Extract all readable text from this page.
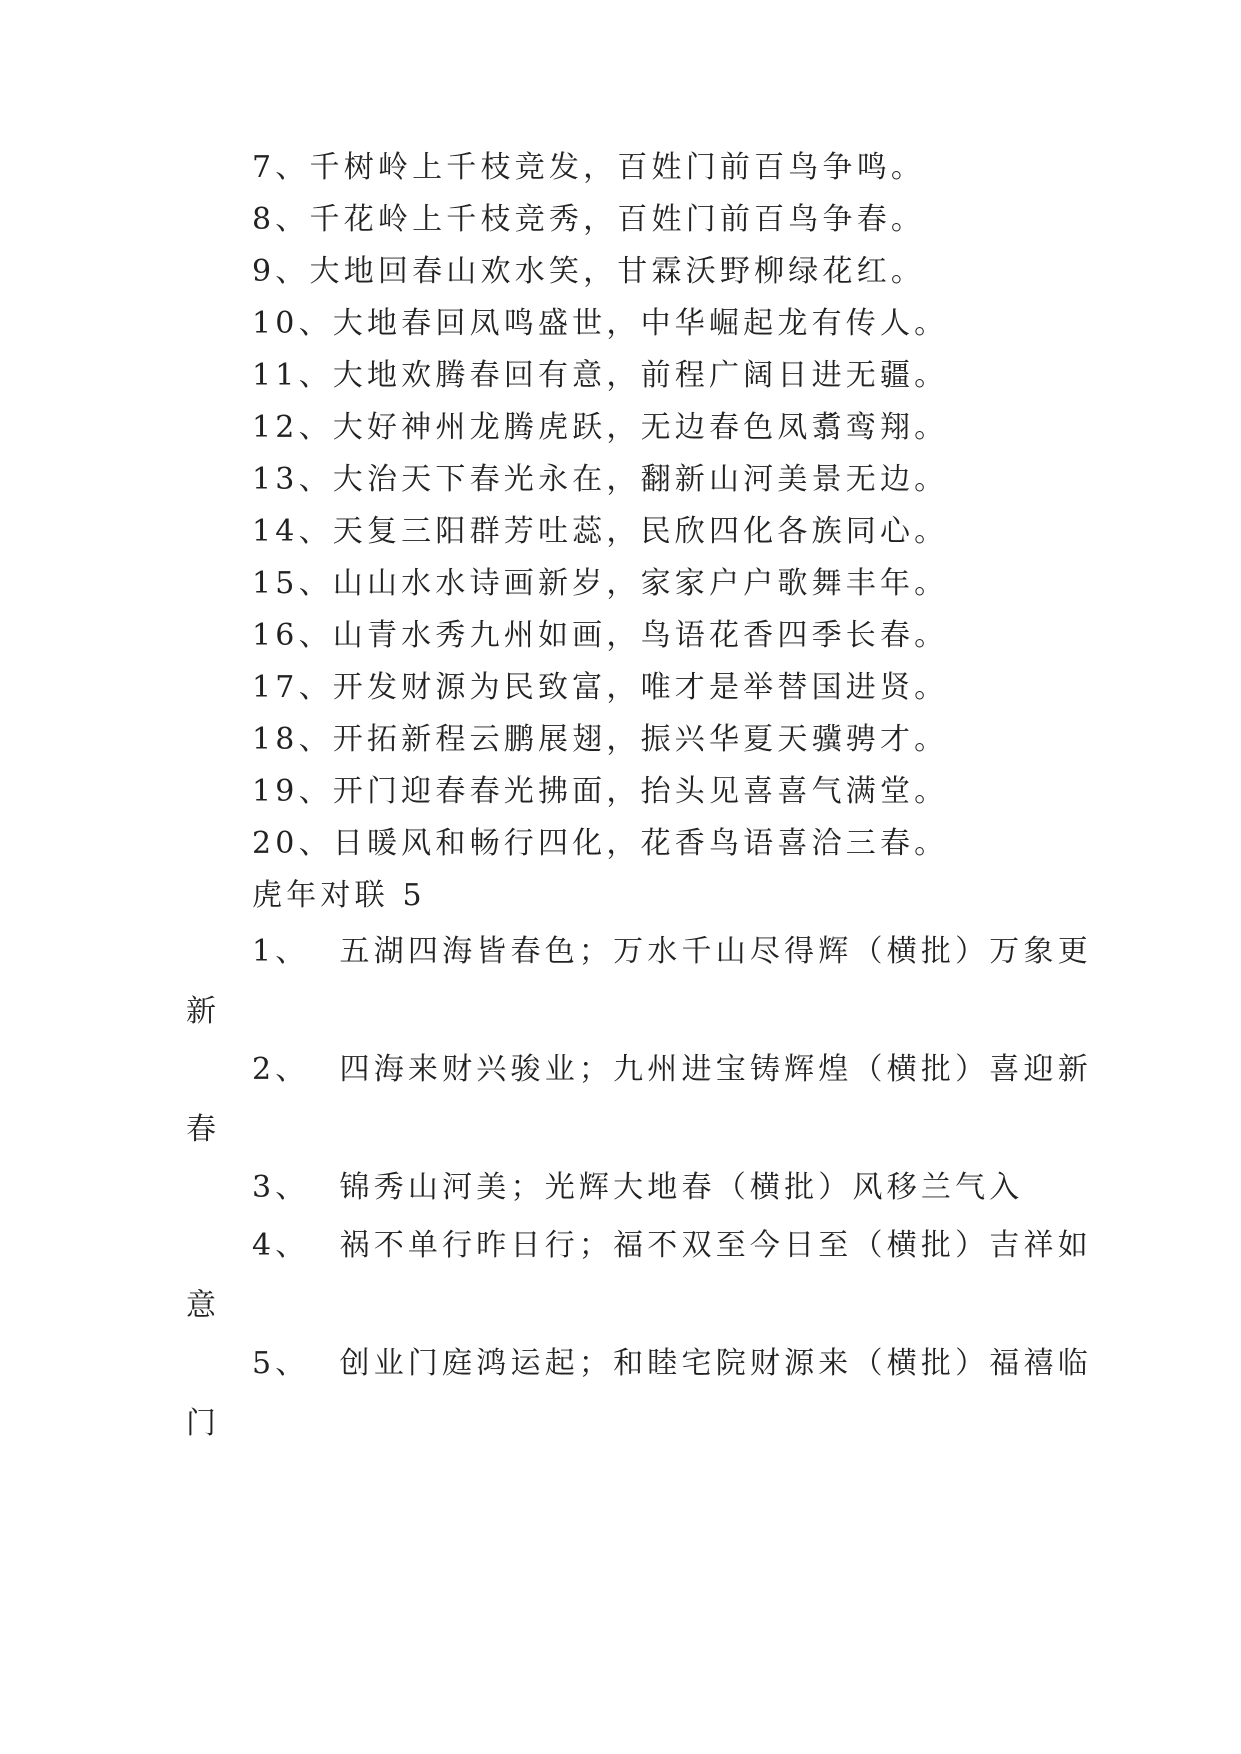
7、千树岭上千枝竞发，百姓门前百鸟争鸣。
8、千花岭上千枝竞秀，百姓门前百鸟争春。
9、大地回春山欢水笑，甘霖沃野柳绿花红。
10、大地春回凤鸣盛世，中华崛起龙有传人。
11、大地欢腾春回有意，前程广阔日进无疆。
12、大好神州龙腾虎跃，无边春色凤翥鸾翔。
13、大治天下春光永在，翻新山河美景无边。
14、天复三阳群芳吐蕊，民欣四化各族同心。
15、山山水水诗画新岁，家家户户歌舞丰年。
16、山青水秀九州如画，鸟语花香四季长春。
17、开发财源为民致富，唯才是举替国进贤。
18、开拓新程云鹏展翅，振兴华夏天骥骋才。
19、开门迎春春光拂面，抬头见喜喜气满堂。
20、日暖风和畅行四化，花香鸟语喜洽三春。
虎年对联 5
1、 五湖四海皆春色；万水千山尽得辉（横批）万象更
新
2、 四海来财兴骏业；九州进宝铸辉煌（横批）喜迎新
春
3、 锦秀山河美；光辉大地春（横批）风移兰气入
4、 祸不单行昨日行；福不双至今日至（横批）吉祥如
意
5、 创业门庭鸿运起；和睦宅院财源来（横批）福禧临
门
